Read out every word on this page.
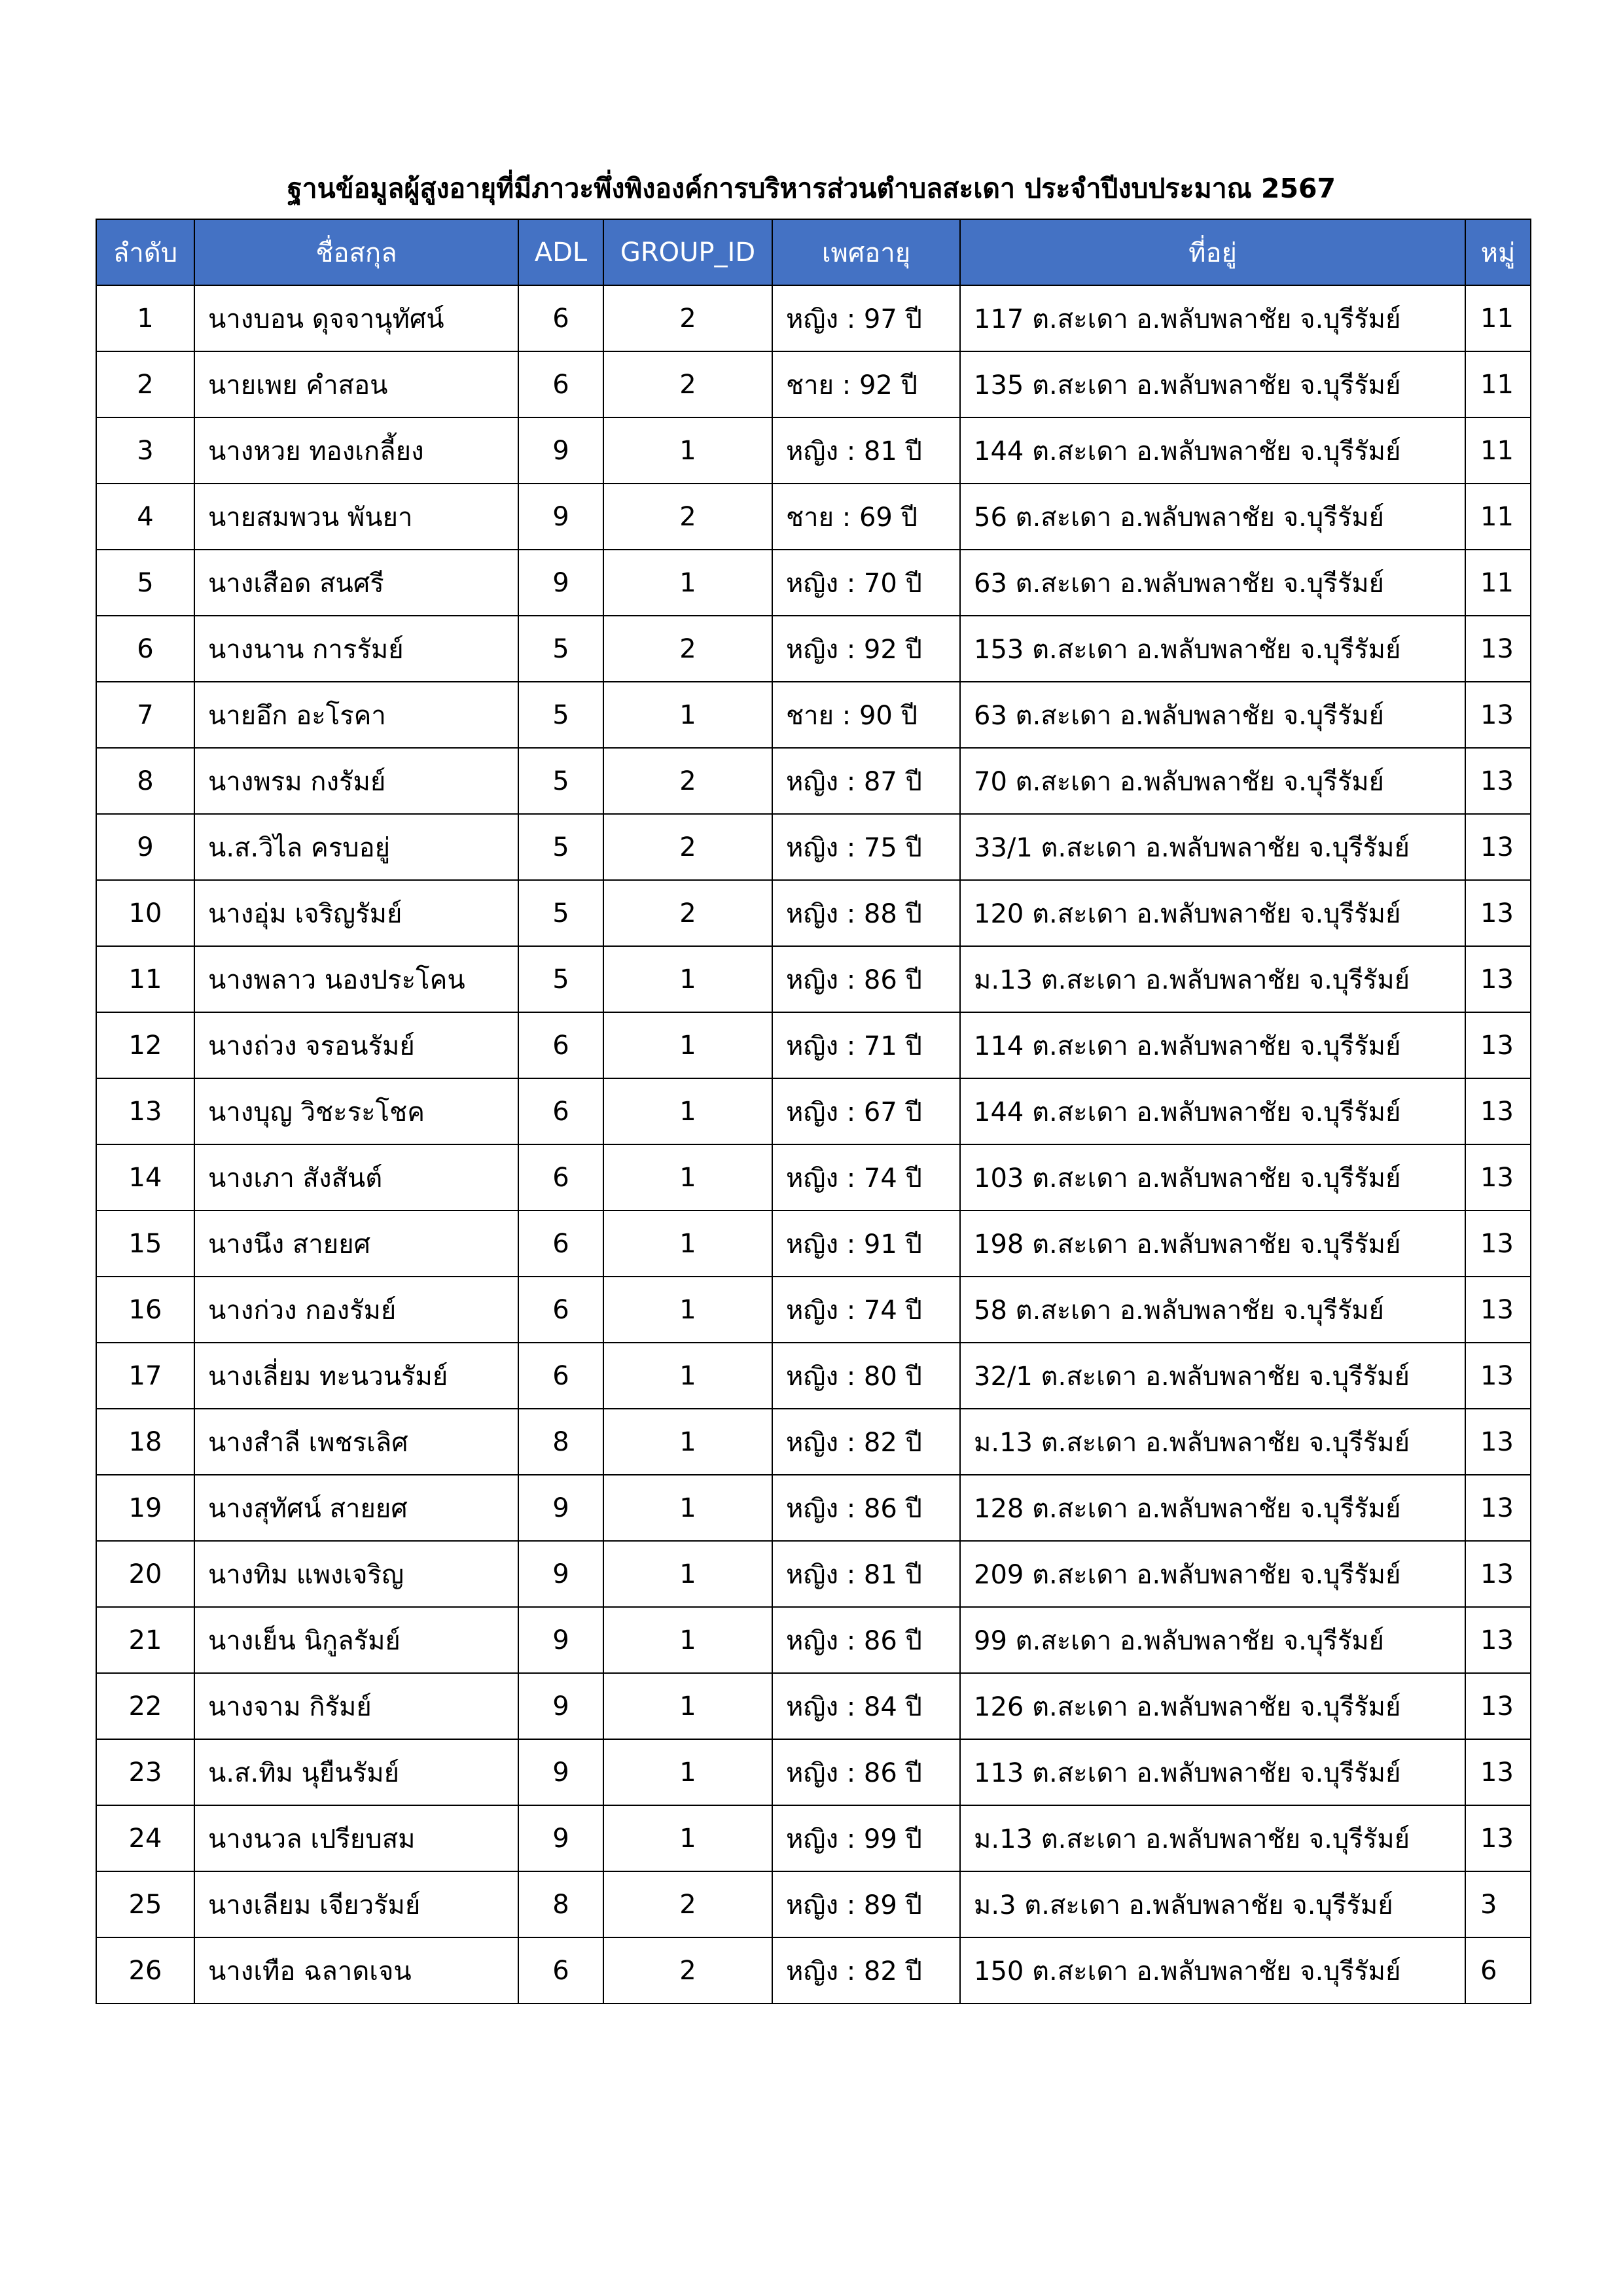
ฐานข้อมูลผู้สูงอายุที่มีภาวะพึ่งพิงองค์การบริหารส่วนตำบลสะเดา ประจำปีงบประมาณ 2567
ลำดับ	ชื่อสกุล	ADL	GROUP_ID	เพศอายุ	ที่อยู่	หมู่
1	นางบอน ดุจจานุทัศน์	6	2	หญิง : 97 ปี	117 ต.สะเดา อ.พลับพลาชัย จ.บุรีรัมย์	11
2	นายเพย คำสอน	6	2	ชาย : 92 ปี	135 ต.สะเดา อ.พลับพลาชัย จ.บุรีรัมย์	11
3	นางหวย ทองเกลี้ยง	9	1	หญิง : 81 ปี	144 ต.สะเดา อ.พลับพลาชัย จ.บุรีรัมย์	11
4	นายสมพวน พันยา	9	2	ชาย : 69 ปี	56 ต.สะเดา อ.พลับพลาชัย จ.บุรีรัมย์	11
5	นางเสือด สนศรี	9	1	หญิง : 70 ปี	63 ต.สะเดา อ.พลับพลาชัย จ.บุรีรัมย์	11
6	นางนาน การรัมย์	5	2	หญิง : 92 ปี	153 ต.สะเดา อ.พลับพลาชัย จ.บุรีรัมย์	13
7	นายอึก อะโรคา	5	1	ชาย : 90 ปี	63 ต.สะเดา อ.พลับพลาชัย จ.บุรีรัมย์	13
8	นางพรม กงรัมย์	5	2	หญิง : 87 ปี	70 ต.สะเดา อ.พลับพลาชัย จ.บุรีรัมย์	13
9	น.ส.วิไล ครบอยู่	5	2	หญิง : 75 ปี	33/1 ต.สะเดา อ.พลับพลาชัย จ.บุรีรัมย์	13
10	นางอุ่ม เจริญรัมย์	5	2	หญิง : 88 ปี	120 ต.สะเดา อ.พลับพลาชัย จ.บุรีรัมย์	13
11	นางพลาว นองประโคน	5	1	หญิง : 86 ปี	ม.13 ต.สะเดา อ.พลับพลาชัย จ.บุรีรัมย์	13
12	นางถ่วง จรอนรัมย์	6	1	หญิง : 71 ปี	114 ต.สะเดา อ.พลับพลาชัย จ.บุรีรัมย์	13
13	นางบุญ วิชะระโชค	6	1	หญิง : 67 ปี	144 ต.สะเดา อ.พลับพลาชัย จ.บุรีรัมย์	13
14	นางเภา สังสันต์	6	1	หญิง : 74 ปี	103 ต.สะเดา อ.พลับพลาชัย จ.บุรีรัมย์	13
15	นางนึง สายยศ	6	1	หญิง : 91 ปี	198 ต.สะเดา อ.พลับพลาชัย จ.บุรีรัมย์	13
16	นางก่วง กองรัมย์	6	1	หญิง : 74 ปี	58 ต.สะเดา อ.พลับพลาชัย จ.บุรีรัมย์	13
17	นางเลี่ยม ทะนวนรัมย์	6	1	หญิง : 80 ปี	32/1 ต.สะเดา อ.พลับพลาชัย จ.บุรีรัมย์	13
18	นางสำลี เพชรเลิศ	8	1	หญิง : 82 ปี	ม.13 ต.สะเดา อ.พลับพลาชัย จ.บุรีรัมย์	13
19	นางสุทัศน์ สายยศ	9	1	หญิง : 86 ปี	128 ต.สะเดา อ.พลับพลาชัย จ.บุรีรัมย์	13
20	นางทิม แพงเจริญ	9	1	หญิง : 81 ปี	209 ต.สะเดา อ.พลับพลาชัย จ.บุรีรัมย์	13
21	นางเย็น นิกูลรัมย์	9	1	หญิง : 86 ปี	99 ต.สะเดา อ.พลับพลาชัย จ.บุรีรัมย์	13
22	นางจาม กิรัมย์	9	1	หญิง : 84 ปี	126 ต.สะเดา อ.พลับพลาชัย จ.บุรีรัมย์	13
23	น.ส.ทิม นุยืนรัมย์	9	1	หญิง : 86 ปี	113 ต.สะเดา อ.พลับพลาชัย จ.บุรีรัมย์	13
24	นางนวล เปรียบสม	9	1	หญิง : 99 ปี	ม.13 ต.สะเดา อ.พลับพลาชัย จ.บุรีรัมย์	13
25	นางเลียม เจียวรัมย์	8	2	หญิง : 89 ปี	ม.3 ต.สะเดา อ.พลับพลาชัย จ.บุรีรัมย์	3
26	นางเทือ ฉลาดเจน	6	2	หญิง : 82 ปี	150 ต.สะเดา อ.พลับพลาชัย จ.บุรีรัมย์	6
